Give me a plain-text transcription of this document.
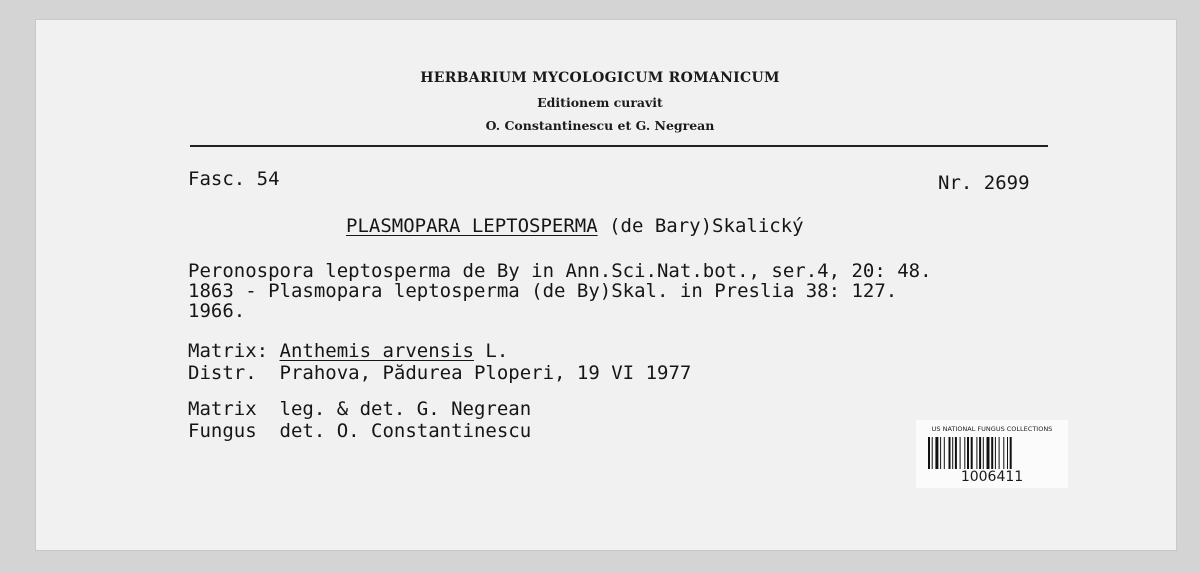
HERBARIUM MYCOLOGICUM ROMANICUM
Editionem curavit
O. Constantinescu et G. Negrean
Fasc. 54	Nr. 2699
PLASMOPARA LEPTOSPERMA (de Bary)Skalický
Peronospora leptosperma de By in Ann.Sci.Nat.bot., ser.4, 20: 48.
1863 - Plasmopara leptosperma (de By)Skal. in Preslia 38: 127.
1966.
Matrix: Anthemis arvensis L.
Distr.  Prahova, Pădurea Ploperi, 19 VI 1977
Matrix  leg. & det. G. Negrean
Fungus  det. O. Constantinescu	US NATIONAL FUNGUS COLLECTIONS
1006411
